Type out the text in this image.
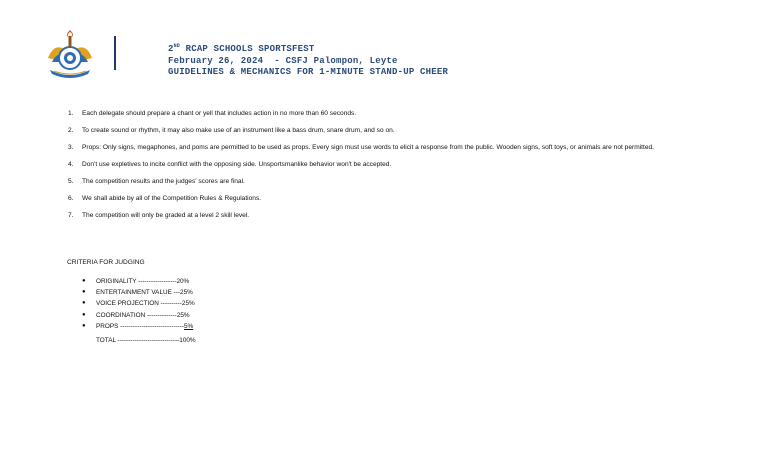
2ND RCAP SCHOOLS SPORTSFEST
February 26, 2024  - CSFJ Palompon, Leyte
GUIDELINES & MECHANICS FOR 1-MINUTE STAND-UP CHEER
1. Each delegate should prepare a chant or yell that includes action in no more than 60 seconds.
2. To create sound or rhythm, it may also make use of an instrument like a bass drum, snare drum, and so on.
3. Props: Only signs, megaphones, and poms are permitted to be used as props. Every sign must use words to elicit a response from the public. Wooden signs, soft toys, or animals are not permitted.
4. Don't use expletives to incite conflict with the opposing side. Unsportsmanlike behavior won't be accepted.
5. The competition results and the judges' scores are final.
6. We shall abide by all of the Competition Rules & Regulations.
7. The competition will only be graded at a level 2 skill level.
CRITERIA FOR JUDGING
● ORIGINALITY ------------------20%
● ENTERTAINMENT VALUE ---25%
● VOICE PROJECTION ----------25%
● COORDINATION --------------25%
● PROPS ------------------------------5%
TOTAL -----------------------------100%
